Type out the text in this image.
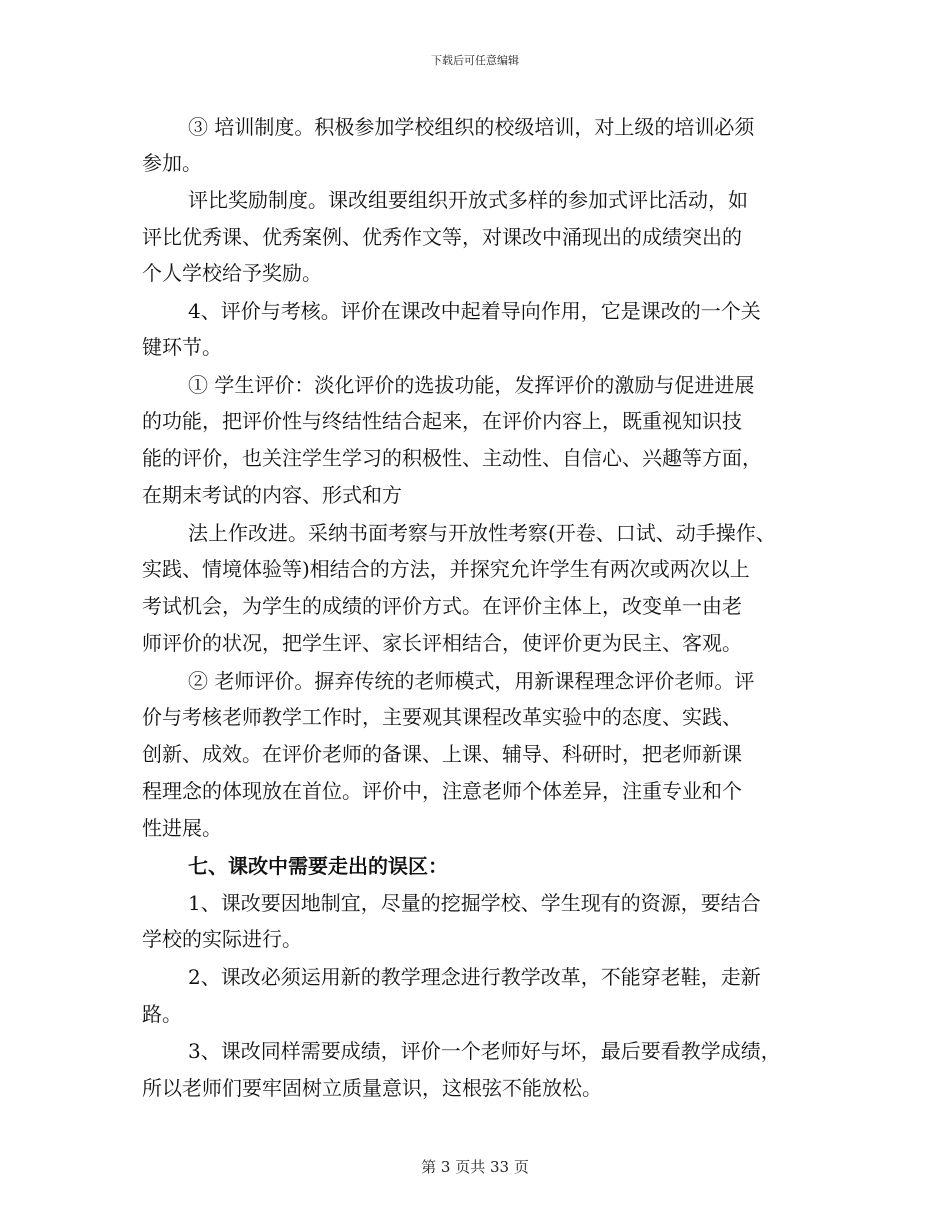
下载后可任意编辑
③ 培训制度。积极参加学校组织的校级培训，对上级的培训必须
参加。
评比奖励制度。课改组要组织开放式多样的参加式评比活动，如
评比优秀课、优秀案例、优秀作文等，对课改中涌现出的成绩突出的
个人学校给予奖励。
4、评价与考核。评价在课改中起着导向作用，它是课改的一个关
键环节。
① 学生评价：淡化评价的选拔功能，发挥评价的激励与促进进展
的功能，把评价性与终结性结合起来，在评价内容上，既重视知识技
能的评价，也关注学生学习的积极性、主动性、自信心、兴趣等方面，
在期末考试的内容、形式和方
法上作改进。采纳书面考察与开放性考察(开卷、口试、动手操作、
实践、情境体验等)相结合的方法，并探究允许学生有两次或两次以上
考试机会，为学生的成绩的评价方式。在评价主体上，改变单一由老
师评价的状况，把学生评、家长评相结合，使评价更为民主、客观。
② 老师评价。摒弃传统的老师模式，用新课程理念评价老师。评
价与考核老师教学工作时，主要观其课程改革实验中的态度、实践、
创新、成效。在评价老师的备课、上课、辅导、科研时，把老师新课
程理念的体现放在首位。评价中，注意老师个体差异，注重专业和个
性进展。
七、课改中需要走出的误区：
1、课改要因地制宜，尽量的挖掘学校、学生现有的资源，要结合
学校的实际进行。
2、课改必须运用新的教学理念进行教学改革，不能穿老鞋，走新
路。
3、课改同样需要成绩，评价一个老师好与坏，最后要看教学成绩，
所以老师们要牢固树立质量意识，这根弦不能放松。
第 3 页共 33 页
